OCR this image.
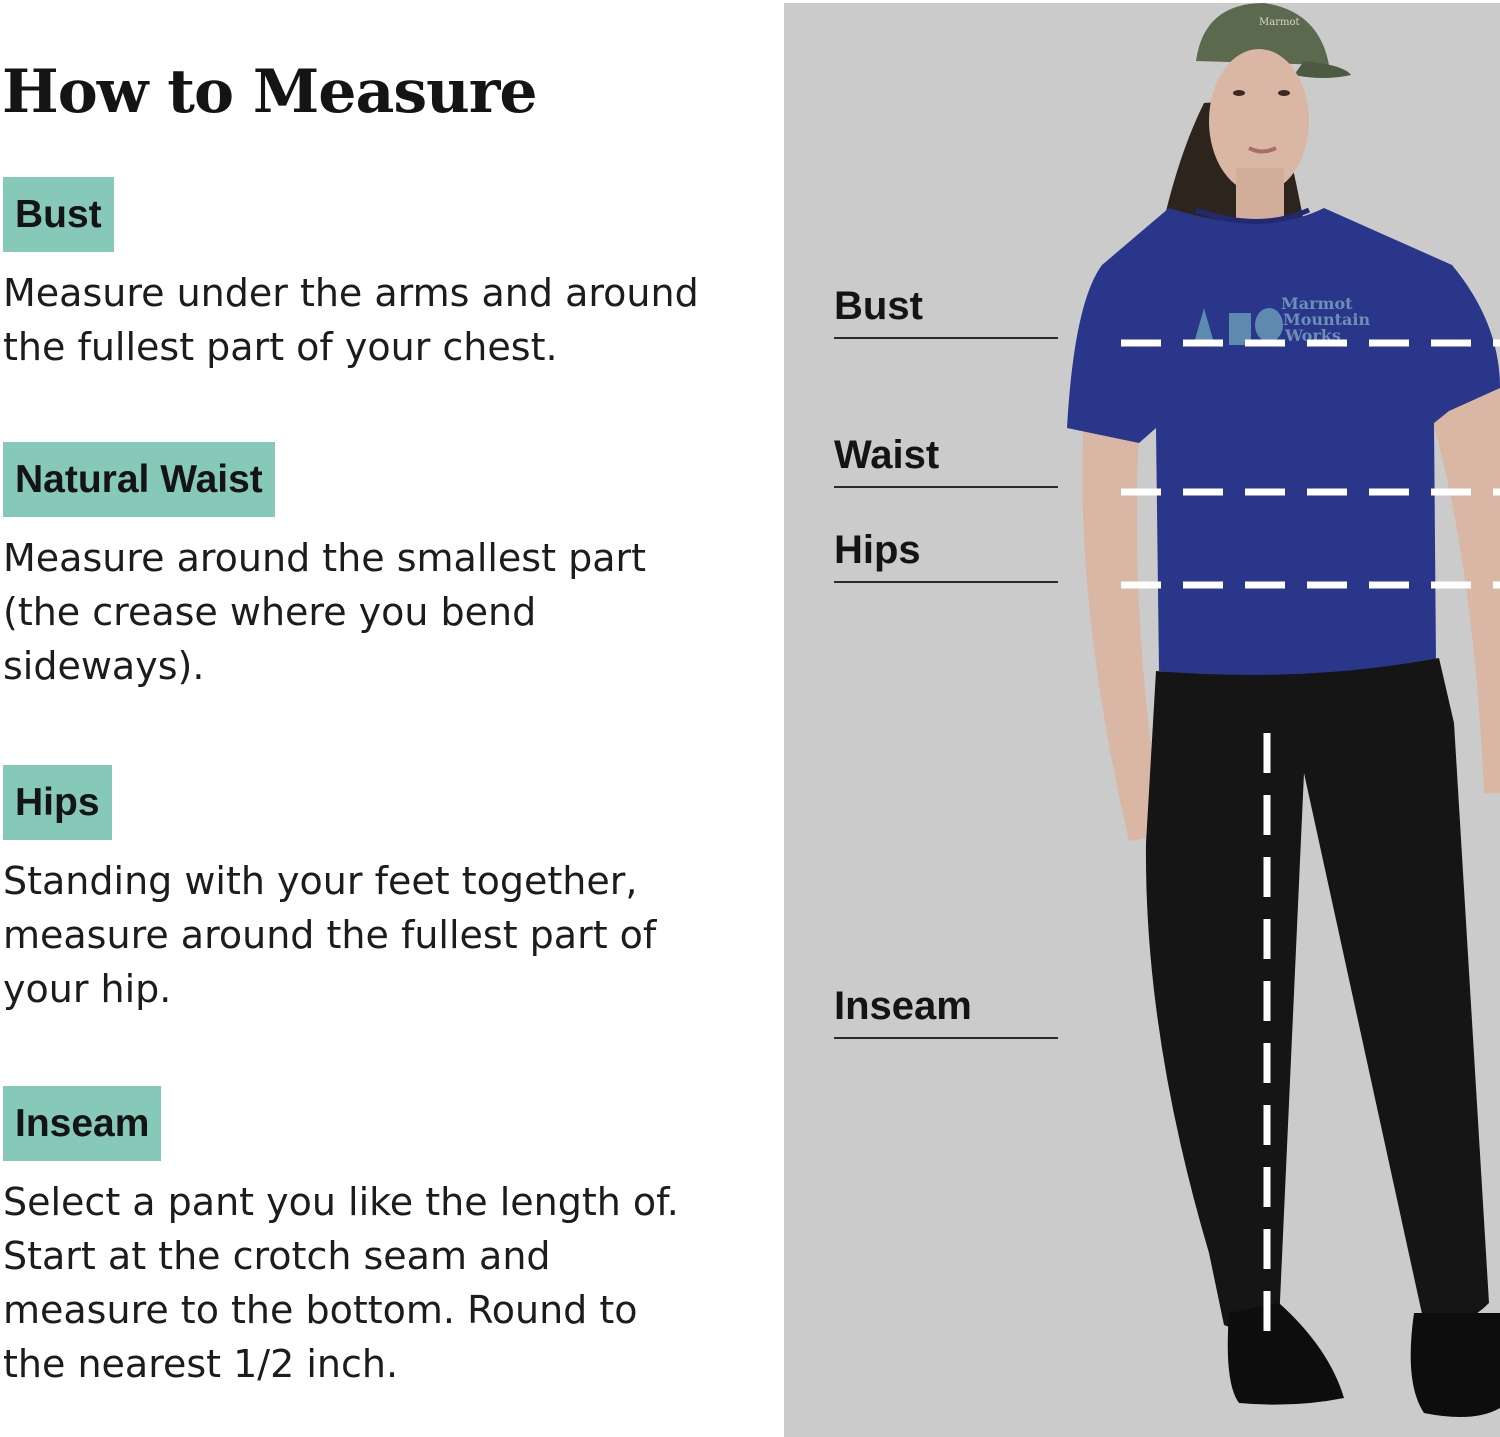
How to Measure
Bust

Measure under the arms and around
the fullest part of your chest.

Natural Waist

Measure around the smallest part
(the crease where you bend
sideways).

Hips

Standing with your feet together,
measure around the fullest part of
your hip.

Inseam

Select a pant you like the length of.
Start at the crotch seam and
measure to the bottom. Round to
the nearest 1/2 inch.

Marmot
Marmot
Mountain
Works
Bust
Waist
Hips
Inseam
